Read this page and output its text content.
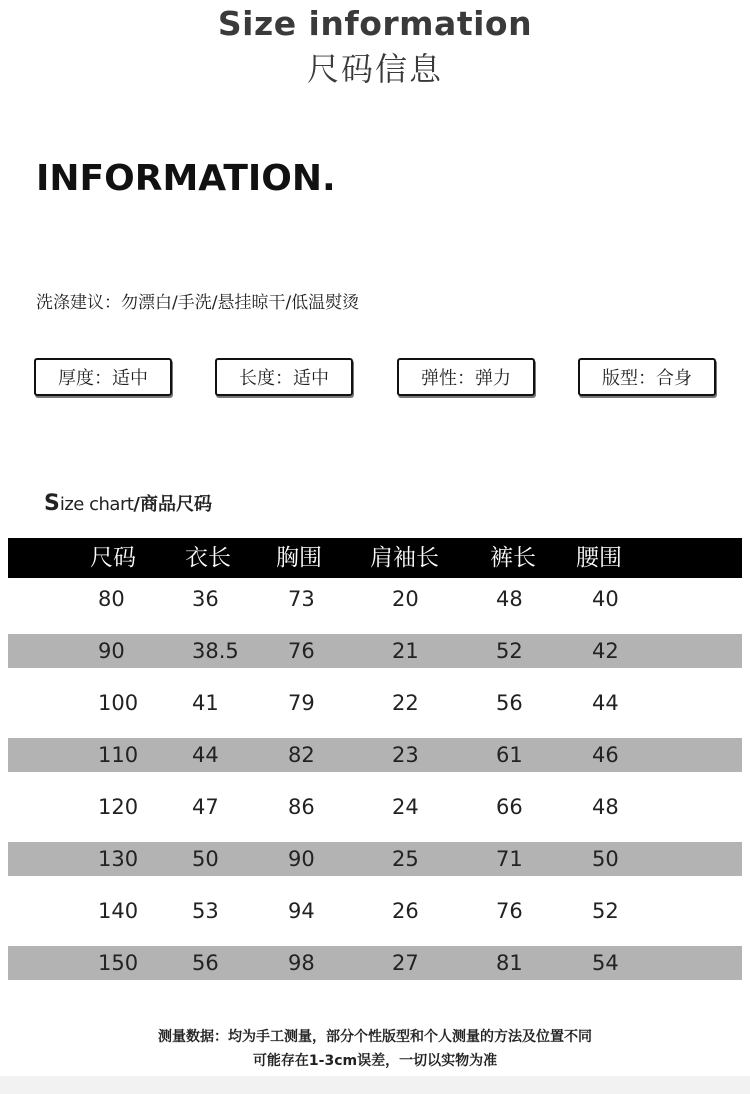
Size information
尺码信息
INFORMATION.
洗涤建议：勿漂白/手洗/悬挂晾干/低温熨烫
厚度：适中	长度：适中	弹性：弹力	版型：合身
Size chart/商品尺码
尺码 衣长 胸围 肩袖长 裤长 腰围
80	36	73	20	48	40
90	38.5 76	21	52	42
100	41	79	22	56	44
110	44	82	23	61	46
120	47	86	24	66	48
130	50	90	25	71	50
140	53	94	26	76	52
150	56	98	27	81	54
测量数据：均为手工测量，部分个性版型和个人测量的方法及位置不同
可能存在1-3cm误差，一切以实物为准
